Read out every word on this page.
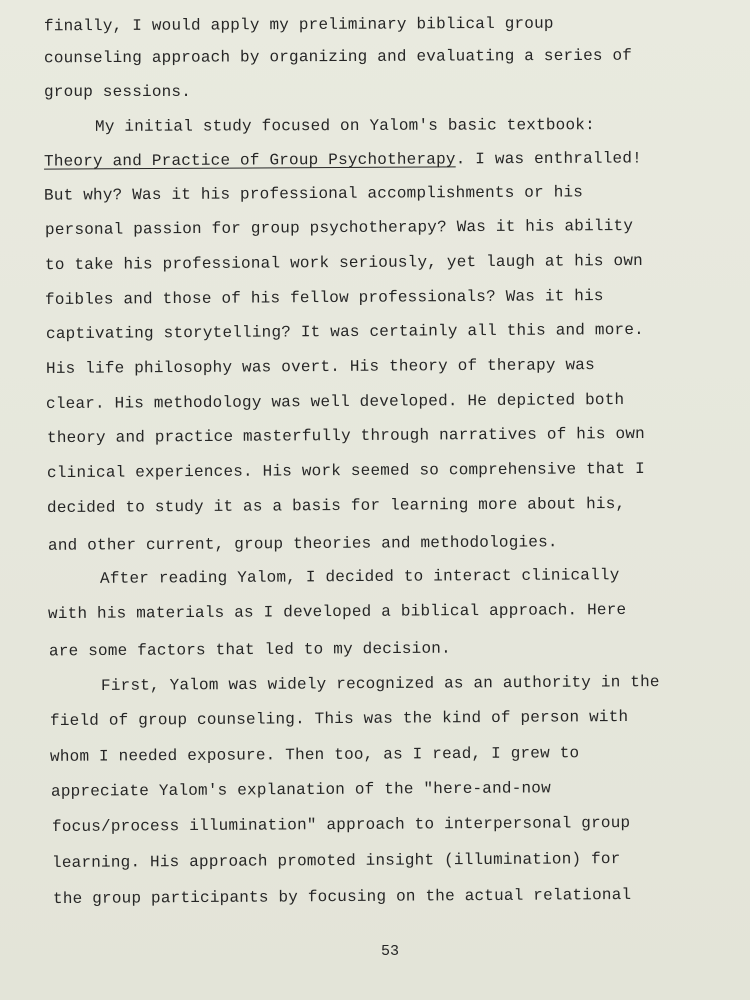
finally, I would apply my preliminary biblical group
counseling approach by organizing and evaluating a series of
group sessions.
My initial study focused on Yalom's basic textbook:
Theory and Practice of Group Psychotherapy. I was enthralled!
But why? Was it his professional accomplishments or his
personal passion for group psychotherapy? Was it his ability
to take his professional work seriously, yet laugh at his own
foibles and those of his fellow professionals? Was it his
captivating storytelling? It was certainly all this and more.
His life philosophy was overt. His theory of therapy was
clear. His methodology was well developed. He depicted both
theory and practice masterfully through narratives of his own
clinical experiences. His work seemed so comprehensive that I
decided to study it as a basis for learning more about his,
and other current, group theories and methodologies.
After reading Yalom, I decided to interact clinically
with his materials as I developed a biblical approach. Here
are some factors that led to my decision.
First, Yalom was widely recognized as an authority in the
field of group counseling. This was the kind of person with
whom I needed exposure. Then too, as I read, I grew to
appreciate Yalom's explanation of the "here-and-now
focus/process illumination" approach to interpersonal group
learning. His approach promoted insight (illumination) for
the group participants by focusing on the actual relational
53
